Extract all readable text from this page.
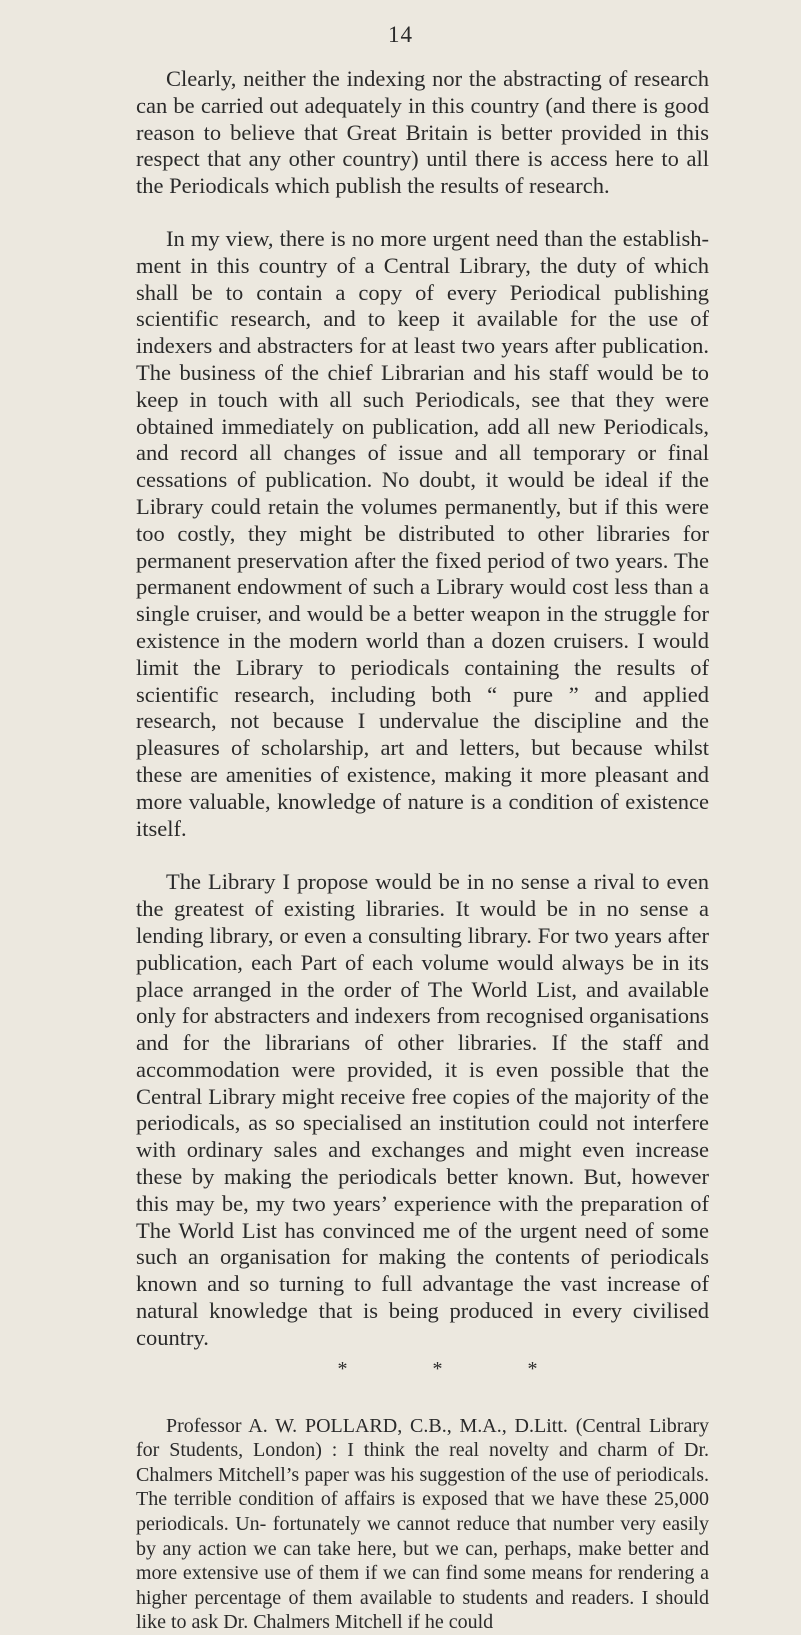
14

Clearly, neither the indexing nor the abstracting of research can be carried out adequately in this country (and there is good reason to believe that Great Britain is better provided in this respect that any other country) until there is access here to all the Periodicals which publish the results of research.

In my view, there is no more urgent need than the establish- ment in this country of a Central Library, the duty of which shall be to contain a copy of every Periodical publishing scientific research, and to keep it available for the use of indexers and abstracters for at least two years after publication. The business of the chief Librarian and his staff would be to keep in touch with all such Periodicals, see that they were obtained immediately on publication, add all new Periodicals, and record all changes of issue and all temporary or final cessations of publication. No doubt, it would be ideal if the Library could retain the volumes permanently, but if this were too costly, they might be distributed to other libraries for permanent preservation after the fixed period of two years. The permanent endowment of such a Library would cost less than a single cruiser, and would be a better weapon in the struggle for existence in the modern world than a dozen cruisers. I would limit the Library to periodicals containing the results of scientific research, including both “ pure ” and applied research, not because I undervalue the discipline and the pleasures of scholarship, art and letters, but because whilst these are amenities of existence, making it more pleasant and more valuable, knowledge of nature is a condition of existence itself.

The Library I propose would be in no sense a rival to even the greatest of existing libraries. It would be in no sense a lending library, or even a consulting library. For two years after publication, each Part of each volume would always be in its place arranged in the order of The World List, and available only for abstracters and indexers from recognised organisations and for the librarians of other libraries. If the staff and accommodation were provided, it is even possible that the Central Library might receive free copies of the majority of the periodicals, as so specialised an institution could not interfere with ordinary sales and exchanges and might even increase these by making the periodicals better known. But, however this may be, my two years’ experience with the preparation of The World List has convinced me of the urgent need of some such an organisation for making the contents of periodicals known and so turning to full advantage the vast increase of natural knowledge that is being produced in every civilised country.

*	*	*

Professor A. W. POLLARD, C.B., M.A., D.Litt. (Central Library for Students, London) : I think the real novelty and charm of Dr. Chalmers Mitchell’s paper was his suggestion of the use of periodicals. The terrible condition of affairs is exposed that we have these 25,000 periodicals. Un- fortunately we cannot reduce that number very easily by any action we can take here, but we can, perhaps, make better and more extensive use of them if we can find some means for rendering a higher percentage of them available to students and readers. I should like to ask Dr. Chalmers Mitchell if he could
